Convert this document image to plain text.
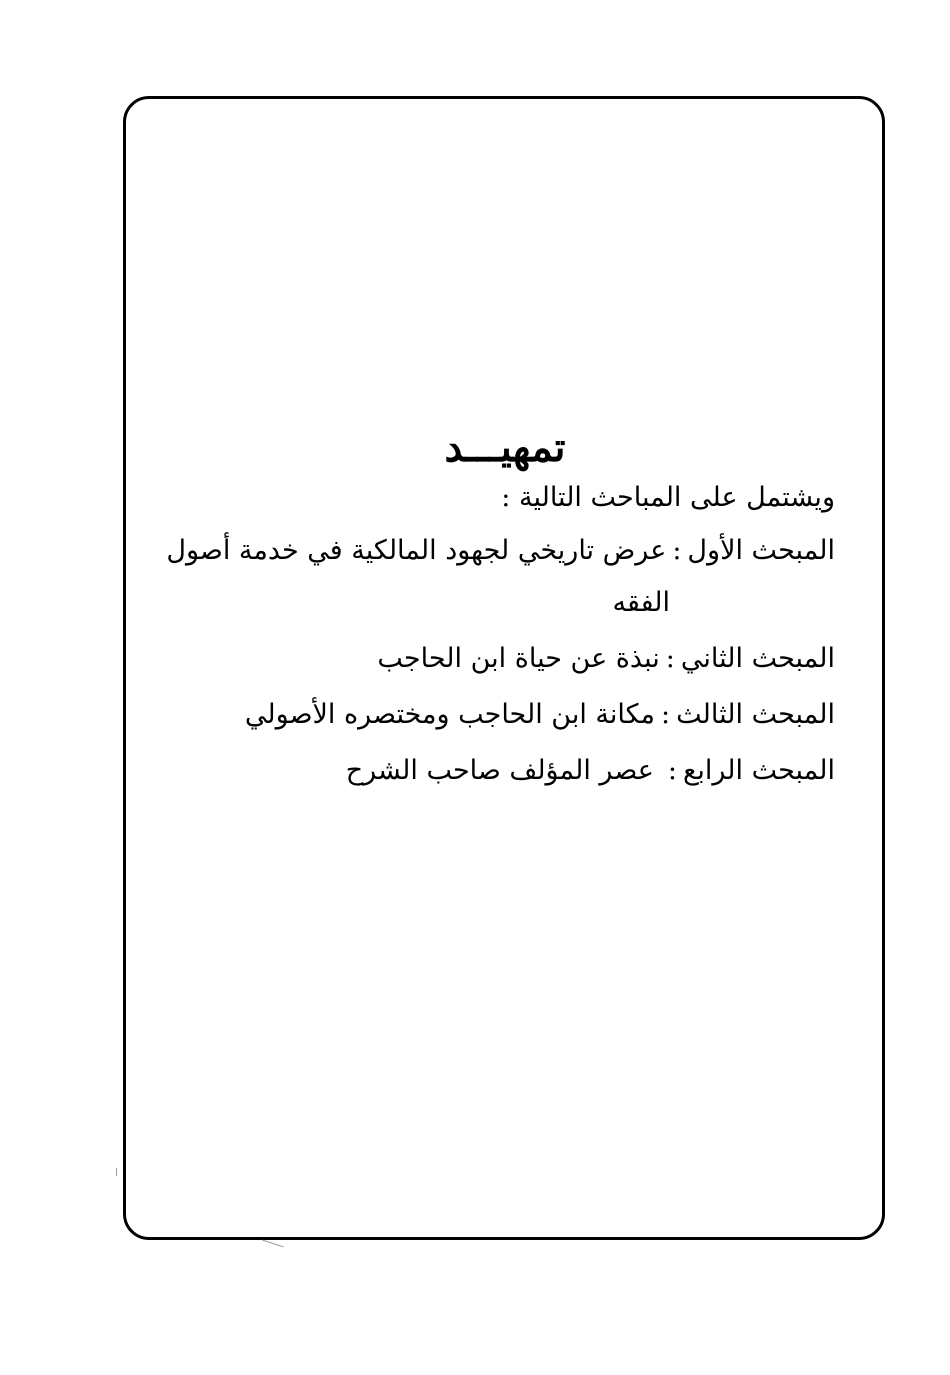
تمهيـــد
ويشتمل على المباحث التالية :
المبحث الأول:عرض تاريخي لجهود المالكية في خدمة أصول
الفقه
المبحث الثاني:نبذة عن حياة ابن الحاجب
المبحث الثالث:مكانة ابن الحاجب ومختصره الأصولي
المبحث الرابع:عصر المؤلف صاحب الشرح
